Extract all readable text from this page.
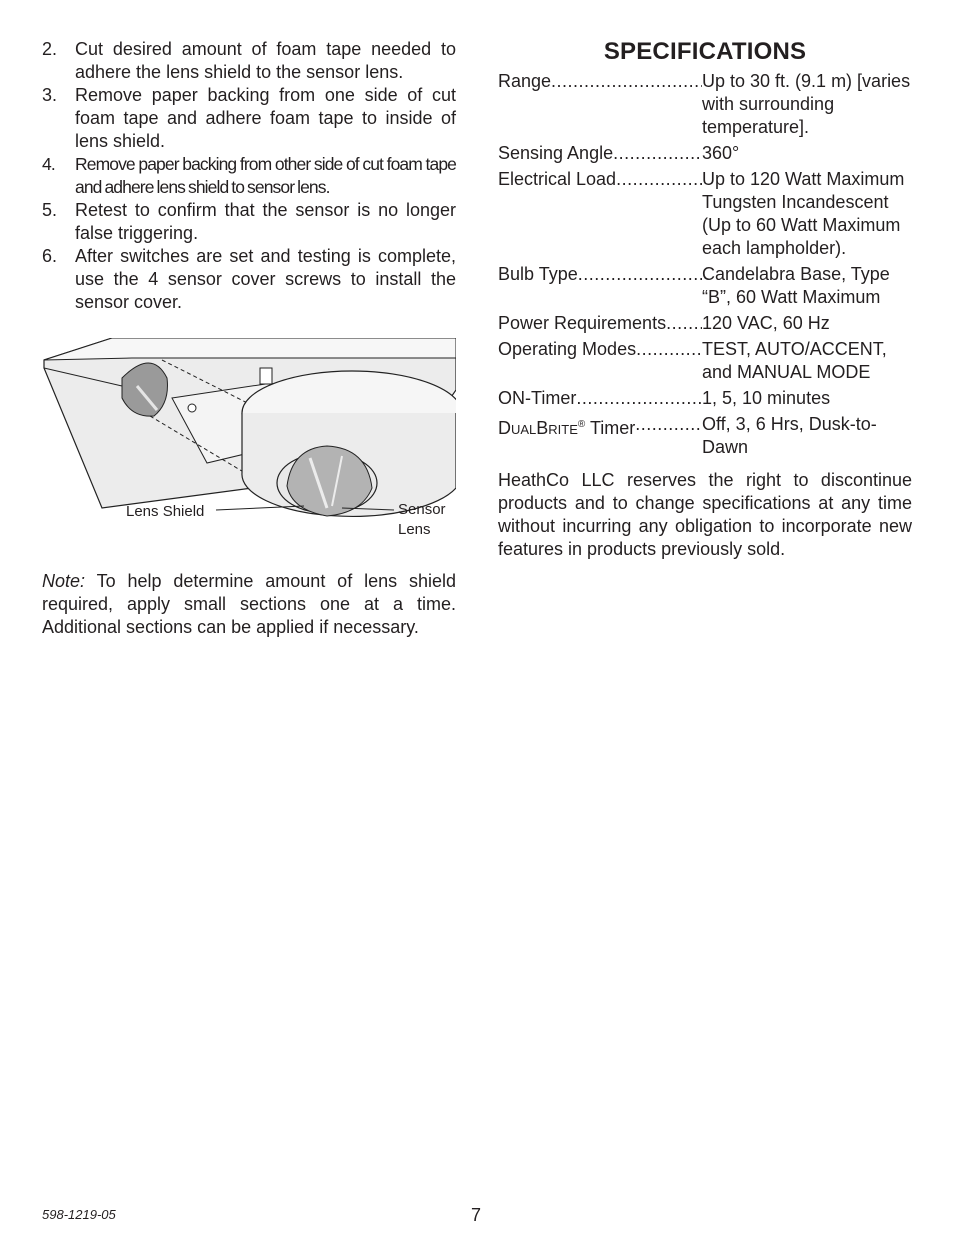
2. Cut desired amount of foam tape needed to adhere the lens shield to the sensor lens.
3. Remove paper backing from one side of cut foam tape and adhere foam tape to inside of lens shield.
4. Remove paper backing from other side of cut foam tape and adhere lens shield to sensor lens.
5. Retest to confirm that the sensor is no longer false triggering.
6. After switches are set and testing is complete, use the 4 sensor cover screws to install the sensor cover.
Lens Shield	Sensor
Lens

Note: To help determine amount of lens shield required, apply small sections one at a time. Additional sections can be applied if necessary.

SPECIFICATIONS
Range .....	Up to 30 ft. (9.1 m) [varies with surrounding temperature].
Sensing Angle .....	360°
Electrical Load .....	Up to 120 Watt Maximum Tungsten Incandescent (Up to 60 Watt Maximum each lampholder).
Bulb Type .....	Candelabra Base, Type “B”, 60 Watt Maximum
Power Requirements ..... 120 VAC, 60 Hz
Operating Modes .....	TEST, AUTO/ACCENT, and MANUAL MODE
ON-Timer .....	1, 5, 10 minutes
DualBrite® Timer .....	Off, 3, 6 Hrs, Dusk-to-Dawn

HeathCo LLC reserves the right to discontinue products and to change specifications at any time without incurring any obligation to incorporate new features in products previously sold.

598-1219-05	7
